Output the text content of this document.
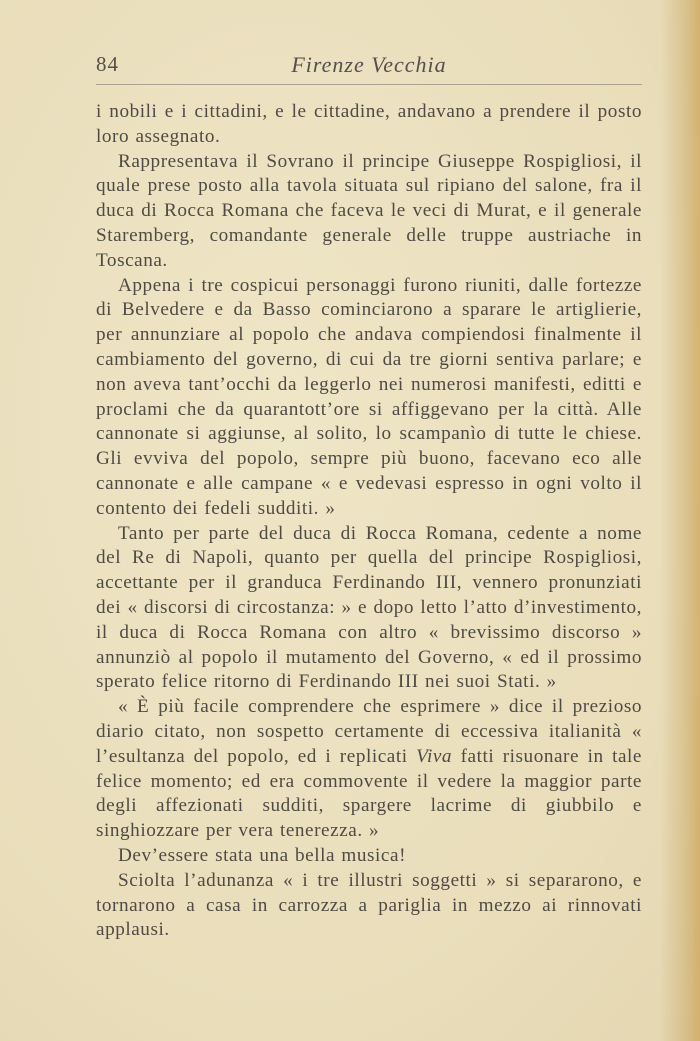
84	Firenze Vecchia

i nobili e i cittadini, e le cittadine, andavano a prendere il posto loro assegnato.

Rappresentava il Sovrano il principe Giuseppe Rospigliosi, il quale prese posto alla tavola situata sul ripiano del salone, fra il duca di Rocca Romana che faceva le veci di Murat, e il generale Staremberg, comandante generale delle truppe austriache in Toscana.

Appena i tre cospicui personaggi furono riuniti, dalle fortezze di Belvedere e da Basso cominciarono a sparare le artiglierie, per annunziare al popolo che andava compiendosi finalmente il cambiamento del governo, di cui da tre giorni sentiva parlare; e non aveva tant’occhi da leggerlo nei numerosi manifesti, editti e proclami che da quarantott’ore si affiggevano per la città. Alle cannonate si aggiunse, al solito, lo scampanìo di tutte le chiese. Gli evviva del popolo, sempre più buono, facevano eco alle cannonate e alle campane « e vedevasi espresso in ogni volto il contento dei fedeli sudditi. »

Tanto per parte del duca di Rocca Romana, cedente a nome del Re di Napoli, quanto per quella del principe Rospigliosi, accettante per il granduca Ferdinando III, vennero pronunziati dei « discorsi di circostanza: » e dopo letto l’atto d’investimento, il duca di Rocca Romana con altro « brevissimo discorso » annunziò al popolo il mutamento del Governo, « ed il prossimo sperato felice ritorno di Ferdinando III nei suoi Stati. »

« È più facile comprendere che esprimere » dice il prezioso diario citato, non sospetto certamente di eccessiva italianità « l’esultanza del popolo, ed i replicati Viva fatti risuonare in tale felice momento; ed era commovente il vedere la maggior parte degli affezionati sudditi, spargere lacrime di giubbilo e singhiozzare per vera tenerezza. »

Dev’essere stata una bella musica!

Sciolta l’adunanza « i tre illustri soggetti » si separarono, e tornarono a casa in carrozza a pariglia in mezzo ai rinnovati applausi.
